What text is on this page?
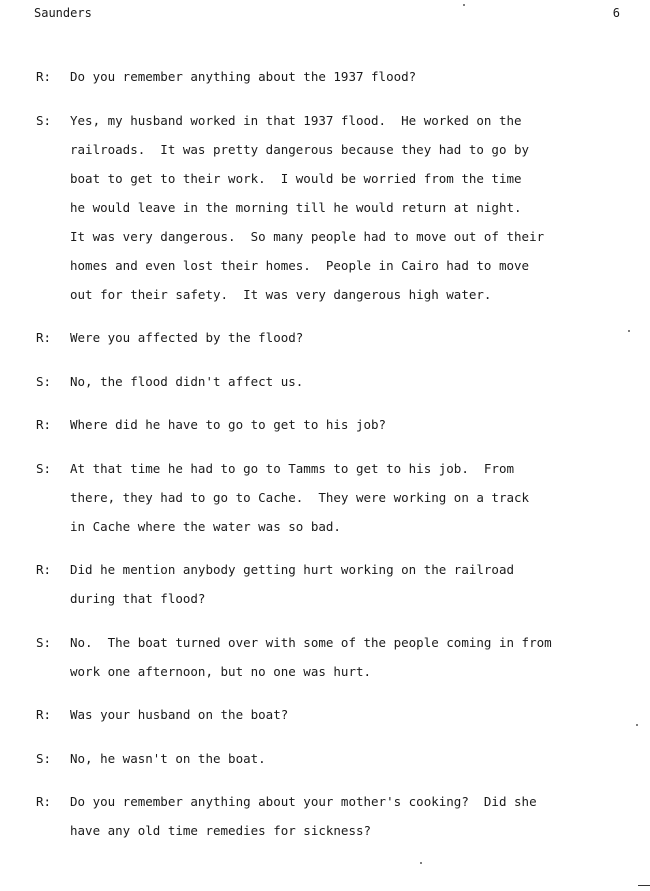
Saunders	6
R:	Do you remember anything about the 1937 flood?
S:	Yes, my husband worked in that 1937 flood.  He worked on the
railroads.  It was pretty dangerous because they had to go by
boat to get to their work.  I would be worried from the time
he would leave in the morning till he would return at night.
It was very dangerous.  So many people had to move out of their
homes and even lost their homes.  People in Cairo had to move
out for their safety.  It was very dangerous high water.
R:	Were you affected by the flood?
S:	No, the flood didn't affect us.
R:	Where did he have to go to get to his job?
S:	At that time he had to go to Tamms to get to his job.  From
there, they had to go to Cache.  They were working on a track
in Cache where the water was so bad.
R:	Did he mention anybody getting hurt working on the railroad
during that flood?
S:	No.  The boat turned over with some of the people coming in from
work one afternoon, but no one was hurt.
R:	Was your husband on the boat?
S:	No, he wasn't on the boat.
R:	Do you remember anything about your mother's cooking?  Did she
have any old time remedies for sickness?
